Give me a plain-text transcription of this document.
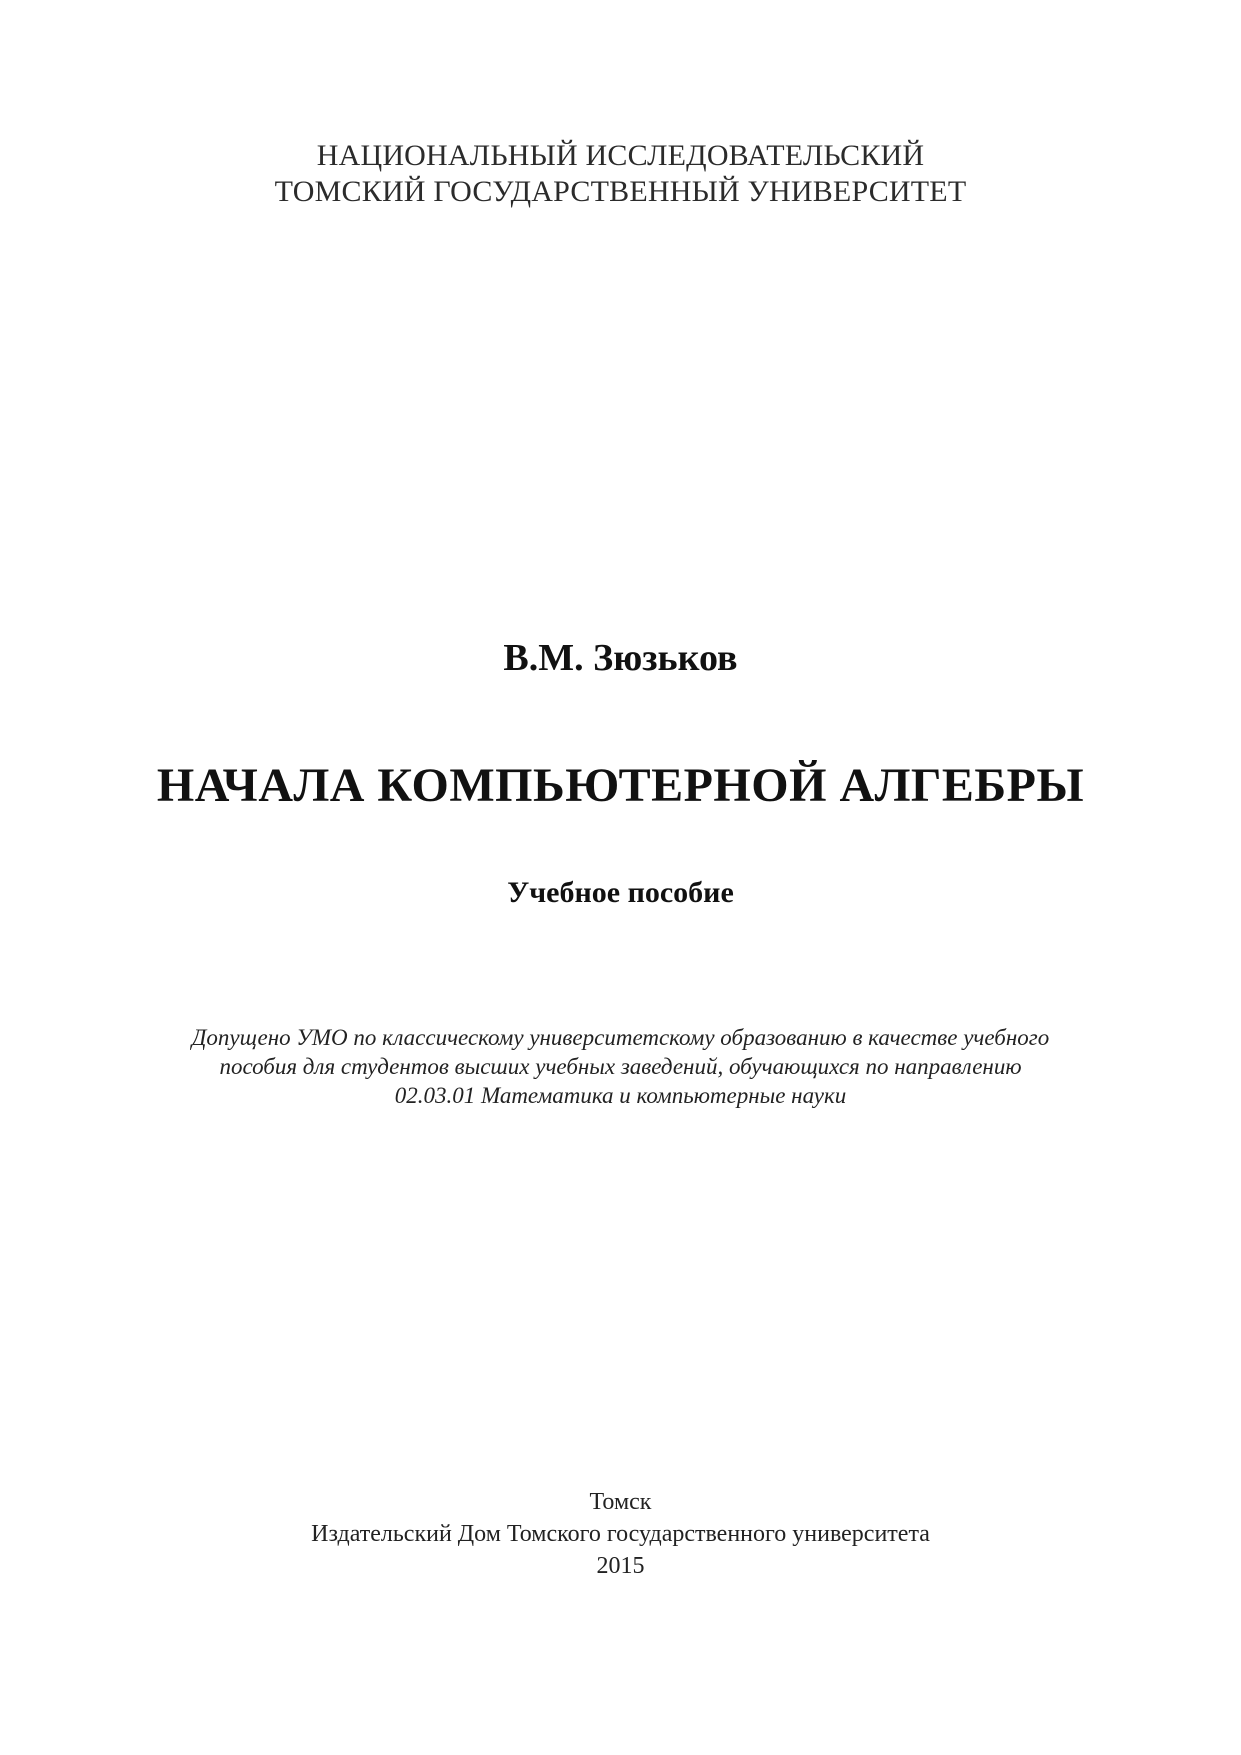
НАЦИОНАЛЬНЫЙ ИССЛЕДОВАТЕЛЬСКИЙ
ТОМСКИЙ ГОСУДАРСТВЕННЫЙ УНИВЕРСИТЕТ
В.М. Зюзьков
НАЧАЛА КОМПЬЮТЕРНОЙ АЛГЕБРЫ
Учебное пособие
Допущено УМО по классическому университетскому образованию в качестве учебного
пособия для студентов высших учебных заведений, обучающихся по направлению
02.03.01 Математика и компьютерные науки
Томск
Издательский Дом Томского государственного университета
2015
